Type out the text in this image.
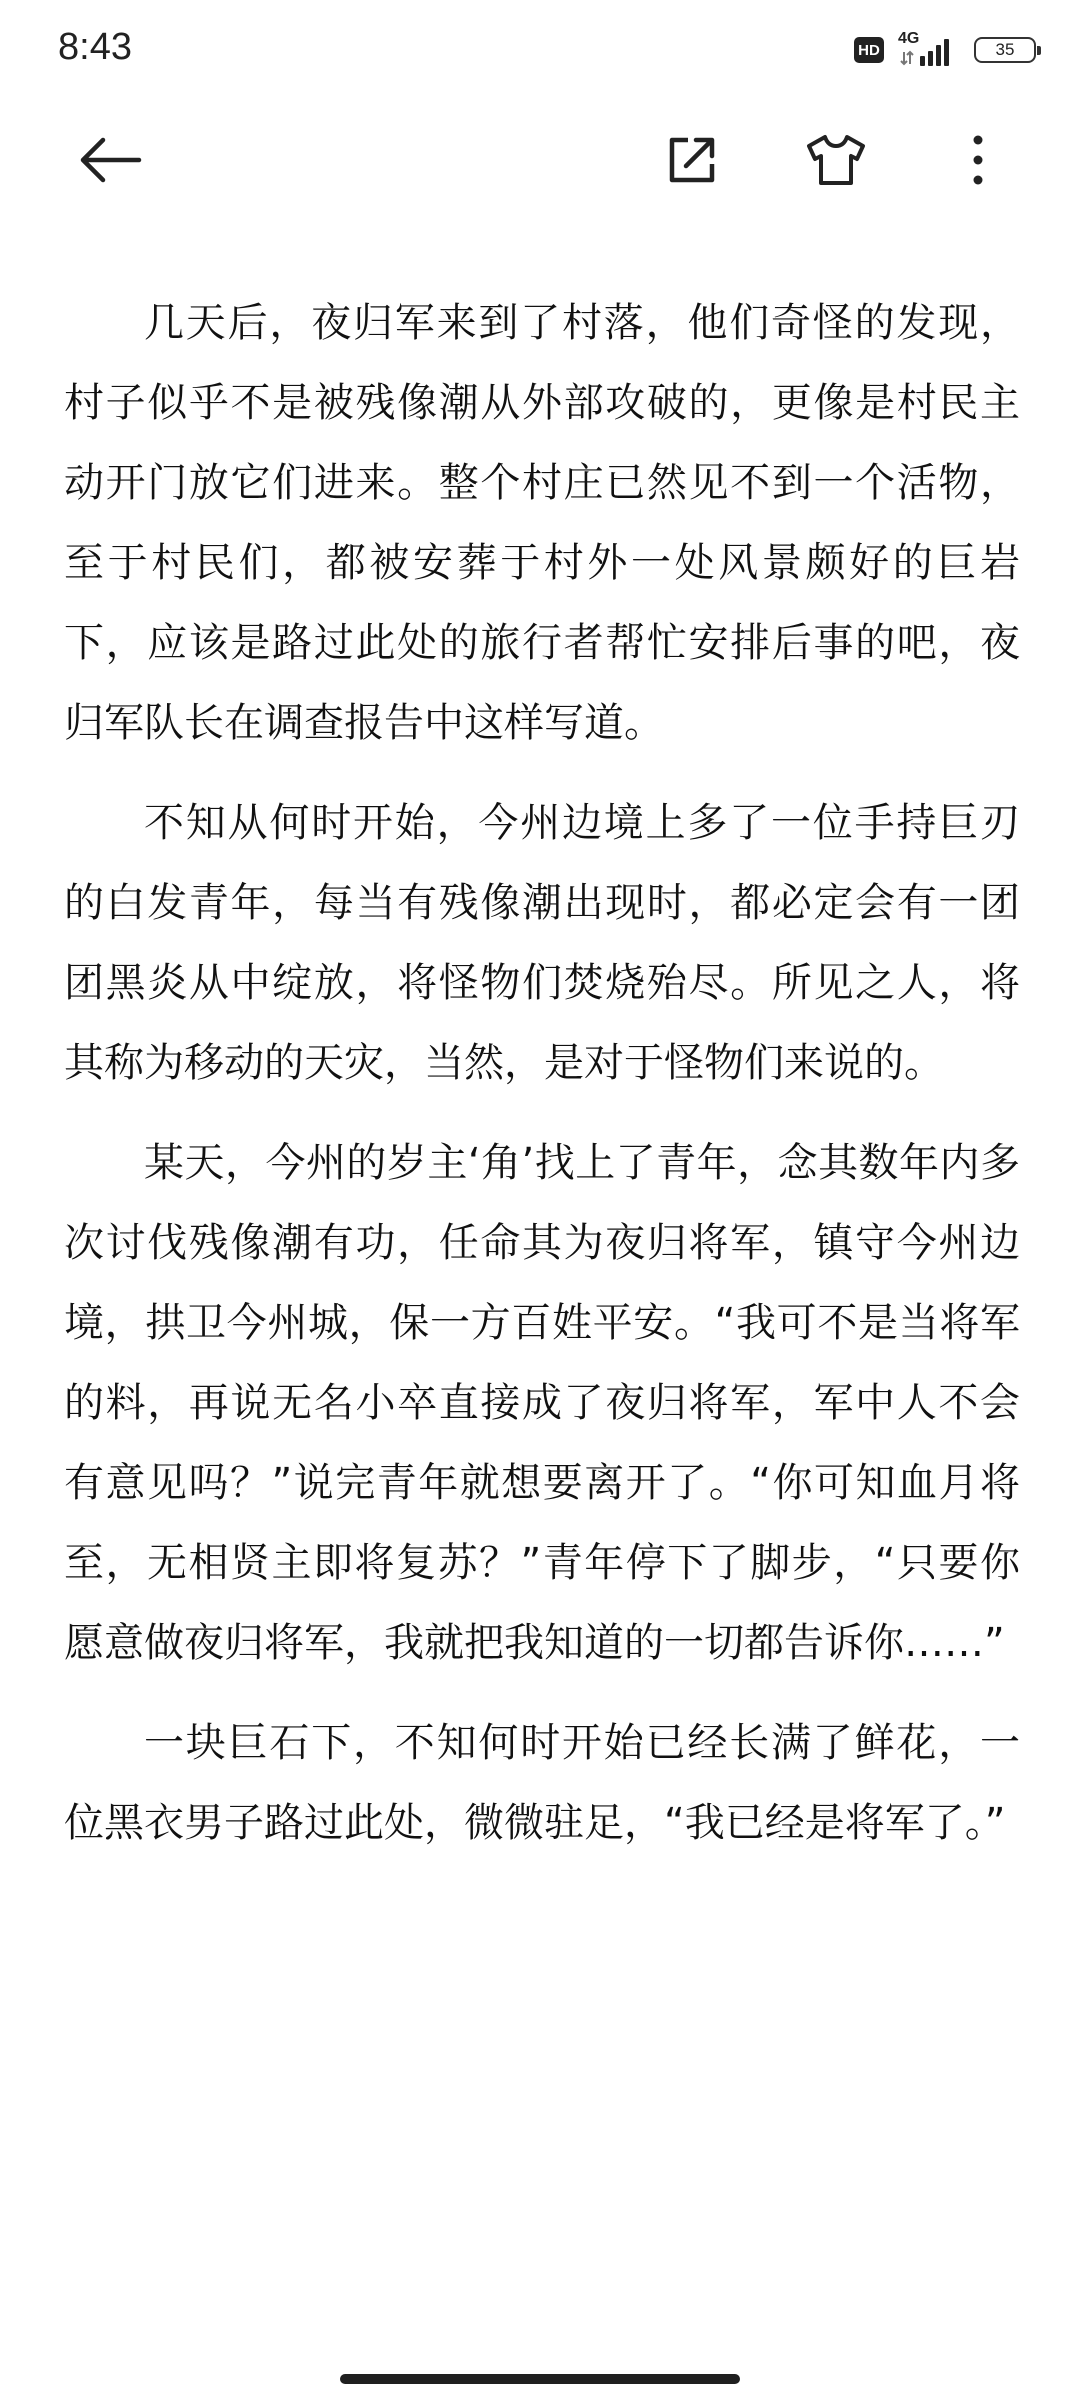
8:43	HD
4G
35

几天后，夜归军来到了村落，他们奇怪的发现，村子似乎不是被残像潮从外部攻破的，更像是村民主动开门放它们进来。整个村庄已然见不到一个活物，至于村民们，都被安葬于村外一处风景颇好的巨岩下，应该是路过此处的旅行者帮忙安排后事的吧，夜归军队长在调查报告中这样写道。

不知从何时开始，今州边境上多了一位手持巨刃的白发青年，每当有残像潮出现时，都必定会有一团团黑炎从中绽放，将怪物们焚烧殆尽。所见之人，将其称为移动的天灾，当然，是对于怪物们来说的。

某天，今州的岁主‘角’找上了青年，念其数年内多次讨伐残像潮有功，任命其为夜归将军，镇守今州边境，拱卫今州城，保一方百姓平安。“我可不是当将军的料，再说无名小卒直接成了夜归将军，军中人不会有意见吗？”说完青年就想要离开了。“你可知血月将至，无相贤主即将复苏？”青年停下了脚步，“只要你愿意做夜归将军，我就把我知道的一切都告诉你……”

一块巨石下，不知何时开始已经长满了鲜花，一位黑衣男子路过此处，微微驻足，“我已经是将军了。”
